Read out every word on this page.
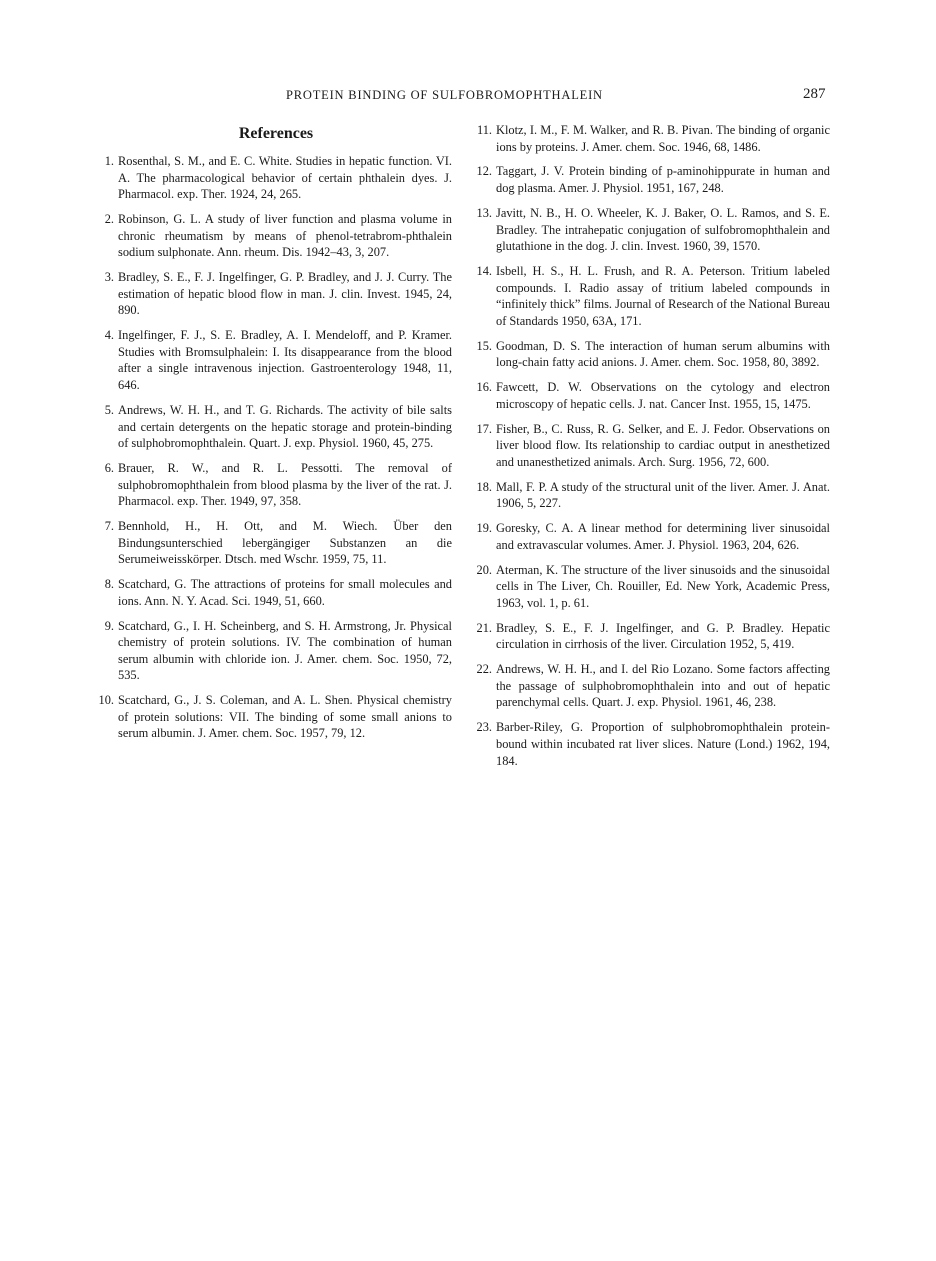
PROTEIN BINDING OF SULFOBROMOPHTHALEIN	287
References
1. Rosenthal, S. M., and E. C. White. Studies in hepatic function. VI. A. The pharmacological behavior of certain phthalein dyes. J. Pharmacol. exp. Ther. 1924, 24, 265.
2. Robinson, G. L. A study of liver function and plasma volume in chronic rheumatism by means of phenol-tetrabrom-phthalein sodium sulphonate. Ann. rheum. Dis. 1942–43, 3, 207.
3. Bradley, S. E., F. J. Ingelfinger, G. P. Bradley, and J. J. Curry. The estimation of hepatic blood flow in man. J. clin. Invest. 1945, 24, 890.
4. Ingelfinger, F. J., S. E. Bradley, A. I. Mendeloff, and P. Kramer. Studies with Bromsulphalein: I. Its disappearance from the blood after a single intravenous injection. Gastroenterology 1948, 11, 646.
5. Andrews, W. H. H., and T. G. Richards. The activity of bile salts and certain detergents on the hepatic storage and protein-binding of sulphobromophthalein. Quart. J. exp. Physiol. 1960, 45, 275.
6. Brauer, R. W., and R. L. Pessotti. The removal of sulphobromophthalein from blood plasma by the liver of the rat. J. Pharmacol. exp. Ther. 1949, 97, 358.
7. Bennhold, H., H. Ott, and M. Wiech. Über den Bindungsunterschied lebergängiger Substanzen an die Serumeiweisskörper. Dtsch. med Wschr. 1959, 75, 11.
8. Scatchard, G. The attractions of proteins for small molecules and ions. Ann. N. Y. Acad. Sci. 1949, 51, 660.
9. Scatchard, G., I. H. Scheinberg, and S. H. Armstrong, Jr. Physical chemistry of protein solutions. IV. The combination of human serum albumin with chloride ion. J. Amer. chem. Soc. 1950, 72, 535.
10. Scatchard, G., J. S. Coleman, and A. L. Shen. Physical chemistry of protein solutions: VII. The binding of some small anions to serum albumin. J. Amer. chem. Soc. 1957, 79, 12.
11. Klotz, I. M., F. M. Walker, and R. B. Pivan. The binding of organic ions by proteins. J. Amer. chem. Soc. 1946, 68, 1486.
12. Taggart, J. V. Protein binding of p-aminohippurate in human and dog plasma. Amer. J. Physiol. 1951, 167, 248.
13. Javitt, N. B., H. O. Wheeler, K. J. Baker, O. L. Ramos, and S. E. Bradley. The intrahepatic conjugation of sulfobromophthalein and glutathione in the dog. J. clin. Invest. 1960, 39, 1570.
14. Isbell, H. S., H. L. Frush, and R. A. Peterson. Tritium labeled compounds. I. Radio assay of tritium labeled compounds in “infinitely thick” films. Journal of Research of the National Bureau of Standards 1950, 63A, 171.
15. Goodman, D. S. The interaction of human serum albumins with long-chain fatty acid anions. J. Amer. chem. Soc. 1958, 80, 3892.
16. Fawcett, D. W. Observations on the cytology and electron microscopy of hepatic cells. J. nat. Cancer Inst. 1955, 15, 1475.
17. Fisher, B., C. Russ, R. G. Selker, and E. J. Fedor. Observations on liver blood flow. Its relationship to cardiac output in anesthetized and unanesthetized animals. Arch. Surg. 1956, 72, 600.
18. Mall, F. P. A study of the structural unit of the liver. Amer. J. Anat. 1906, 5, 227.
19. Goresky, C. A. A linear method for determining liver sinusoidal and extravascular volumes. Amer. J. Physiol. 1963, 204, 626.
20. Aterman, K. The structure of the liver sinusoids and the sinusoidal cells in The Liver, Ch. Rouiller, Ed. New York, Academic Press, 1963, vol. 1, p. 61.
21. Bradley, S. E., F. J. Ingelfinger, and G. P. Bradley. Hepatic circulation in cirrhosis of the liver. Circulation 1952, 5, 419.
22. Andrews, W. H. H., and I. del Rio Lozano. Some factors affecting the passage of sulphobromophthalein into and out of hepatic parenchymal cells. Quart. J. exp. Physiol. 1961, 46, 238.
23. Barber-Riley, G. Proportion of sulphobromophthalein protein-bound within incubated rat liver slices. Nature (Lond.) 1962, 194, 184.
